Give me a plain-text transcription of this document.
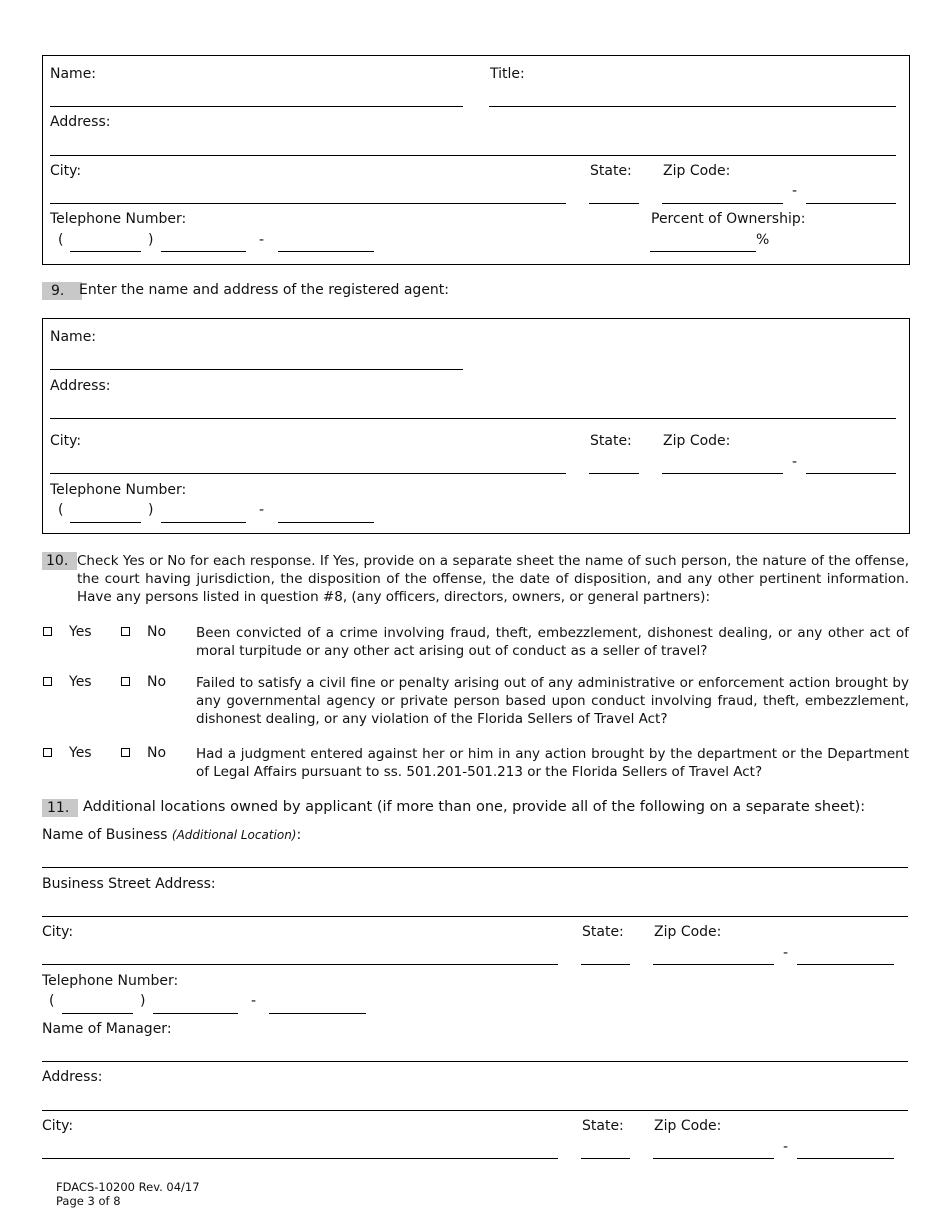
Name:	Title:
Address:
City:	State: Zip Code:
-
Telephone Number:
(	)	-
Percent of Ownership:
%
9.	Enter the name and address of the registered agent:
Name:
Address:
City:	State: Zip Code:
-
Telephone Number:
(	)	-
10. Check Yes or No for each response. If Yes, provide on a separate sheet the name of such person, the nature of the offense, the court having jurisdiction, the disposition of the offense, the date of disposition, and any other pertinent information. Have any persons listed in question #8, (any officers, directors, owners, or general partners):
Yes	No Been convicted of a crime involving fraud, theft, embezzlement, dishonest dealing, or any other act of moral turpitude or any other act arising out of conduct as a seller of travel?
Yes	No Failed to satisfy a civil fine or penalty arising out of any administrative or enforcement action brought by any governmental agency or private person based upon conduct involving fraud, theft, embezzlement, dishonest dealing, or any violation of the Florida Sellers of Travel Act?
Yes	No Had a judgment entered against her or him in any action brought by the department or the Department of Legal Affairs pursuant to ss. 501.201-501.213 or the Florida Sellers of Travel Act?
11. Additional locations owned by applicant (if more than one, provide all of the following on a separate sheet):
Name of Business (Additional Location):
Business Street Address:
City:	State: Zip Code:
-
Telephone Number:
(	)	-
Name of Manager:
Address:
City:	State: Zip Code:
-
FDACS-10200 Rev. 04/17
Page 3 of 8
